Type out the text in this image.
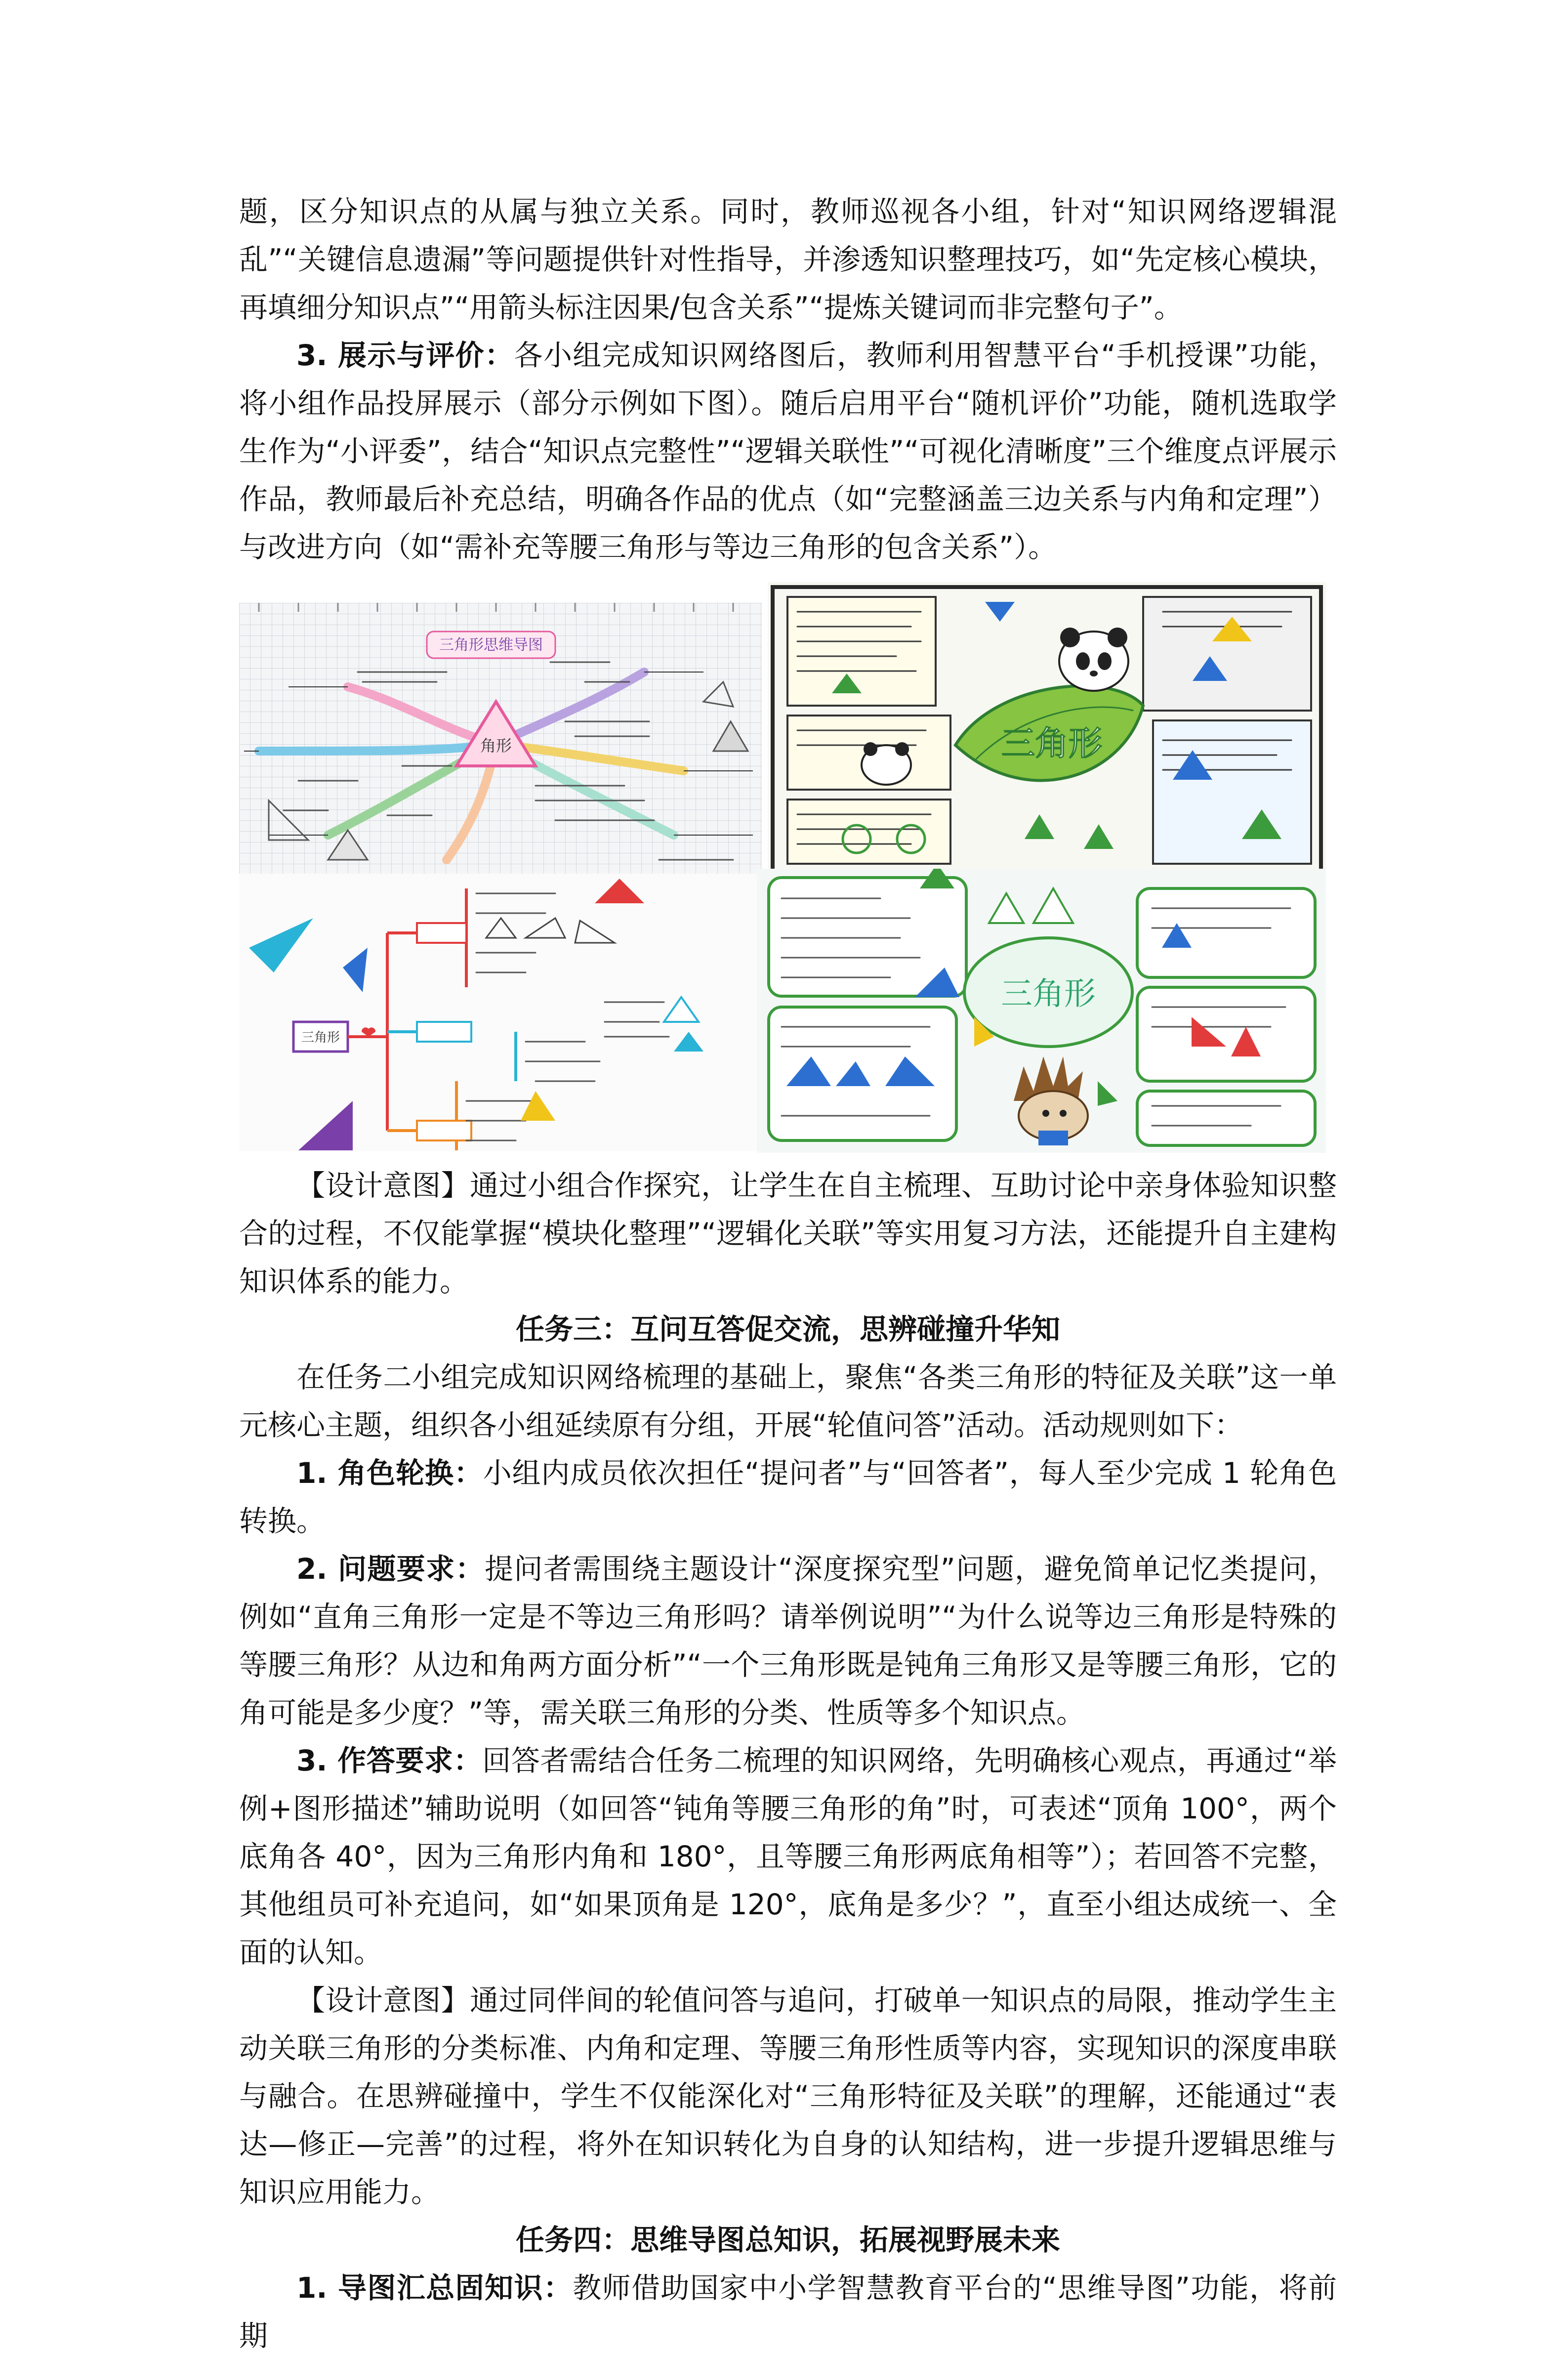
题，区分知识点的从属与独立关系。同时，教师巡视各小组，针对“知识网络逻辑混乱”“关键信息遗漏”等问题提供针对性指导，并渗透知识整理技巧，如“先定核心模块，再填细分知识点”“用箭头标注因果/包含关系”“提炼关键词而非完整句子”。

3. 展示与评价：各小组完成知识网络图后，教师利用智慧平台“手机授课”功能，将小组作品投屏展示（部分示例如下图）。随后启用平台“随机评价”功能，随机选取学生作为“小评委”，结合“知识点完整性”“逻辑关联性”“可视化清晰度”三个维度点评展示作品，教师最后补充总结，明确各作品的优点（如“完整涵盖三边关系与内角和定理”）与改进方向（如“需补充等腰三角形与等边三角形的包含关系”）。

三角形思维导图
角形	三角形
三角形
三角形

【设计意图】通过小组合作探究，让学生在自主梳理、互助讨论中亲身体验知识整合的过程，不仅能掌握“模块化整理”“逻辑化关联”等实用复习方法，还能提升自主建构知识体系的能力。

任务三：互问互答促交流，思辨碰撞升华知

在任务二小组完成知识网络梳理的基础上，聚焦“各类三角形的特征及关联”这一单元核心主题，组织各小组延续原有分组，开展“轮值问答”活动。活动规则如下：

1. 角色轮换：小组内成员依次担任“提问者”与“回答者”，每人至少完成 1 轮角色转换。

2. 问题要求：提问者需围绕主题设计“深度探究型”问题，避免简单记忆类提问，例如“直角三角形一定是不等边三角形吗？请举例说明”“为什么说等边三角形是特殊的等腰三角形？从边和角两方面分析”“一个三角形既是钝角三角形又是等腰三角形，它的角可能是多少度？”等，需关联三角形的分类、性质等多个知识点。

3. 作答要求：回答者需结合任务二梳理的知识网络，先明确核心观点，再通过“举例+图形描述”辅助说明（如回答“钝角等腰三角形的角”时，可表述“顶角 100°，两个底角各 40°，因为三角形内角和 180°，且等腰三角形两底角相等”）；若回答不完整，其他组员可补充追问，如“如果顶角是 120°，底角是多少？”，直至小组达成统一、全面的认知。

【设计意图】通过同伴间的轮值问答与追问，打破单一知识点的局限，推动学生主动关联三角形的分类标准、内角和定理、等腰三角形性质等内容，实现知识的深度串联与融合。在思辨碰撞中，学生不仅能深化对“三角形特征及关联”的理解，还能通过“表达—修正—完善”的过程，将外在知识转化为自身的认知结构，进一步提升逻辑思维与知识应用能力。

任务四：思维导图总知识，拓展视野展未来

1. 导图汇总固知识：教师借助国家中小学智慧教育平台的“思维导图”功能，将前期
